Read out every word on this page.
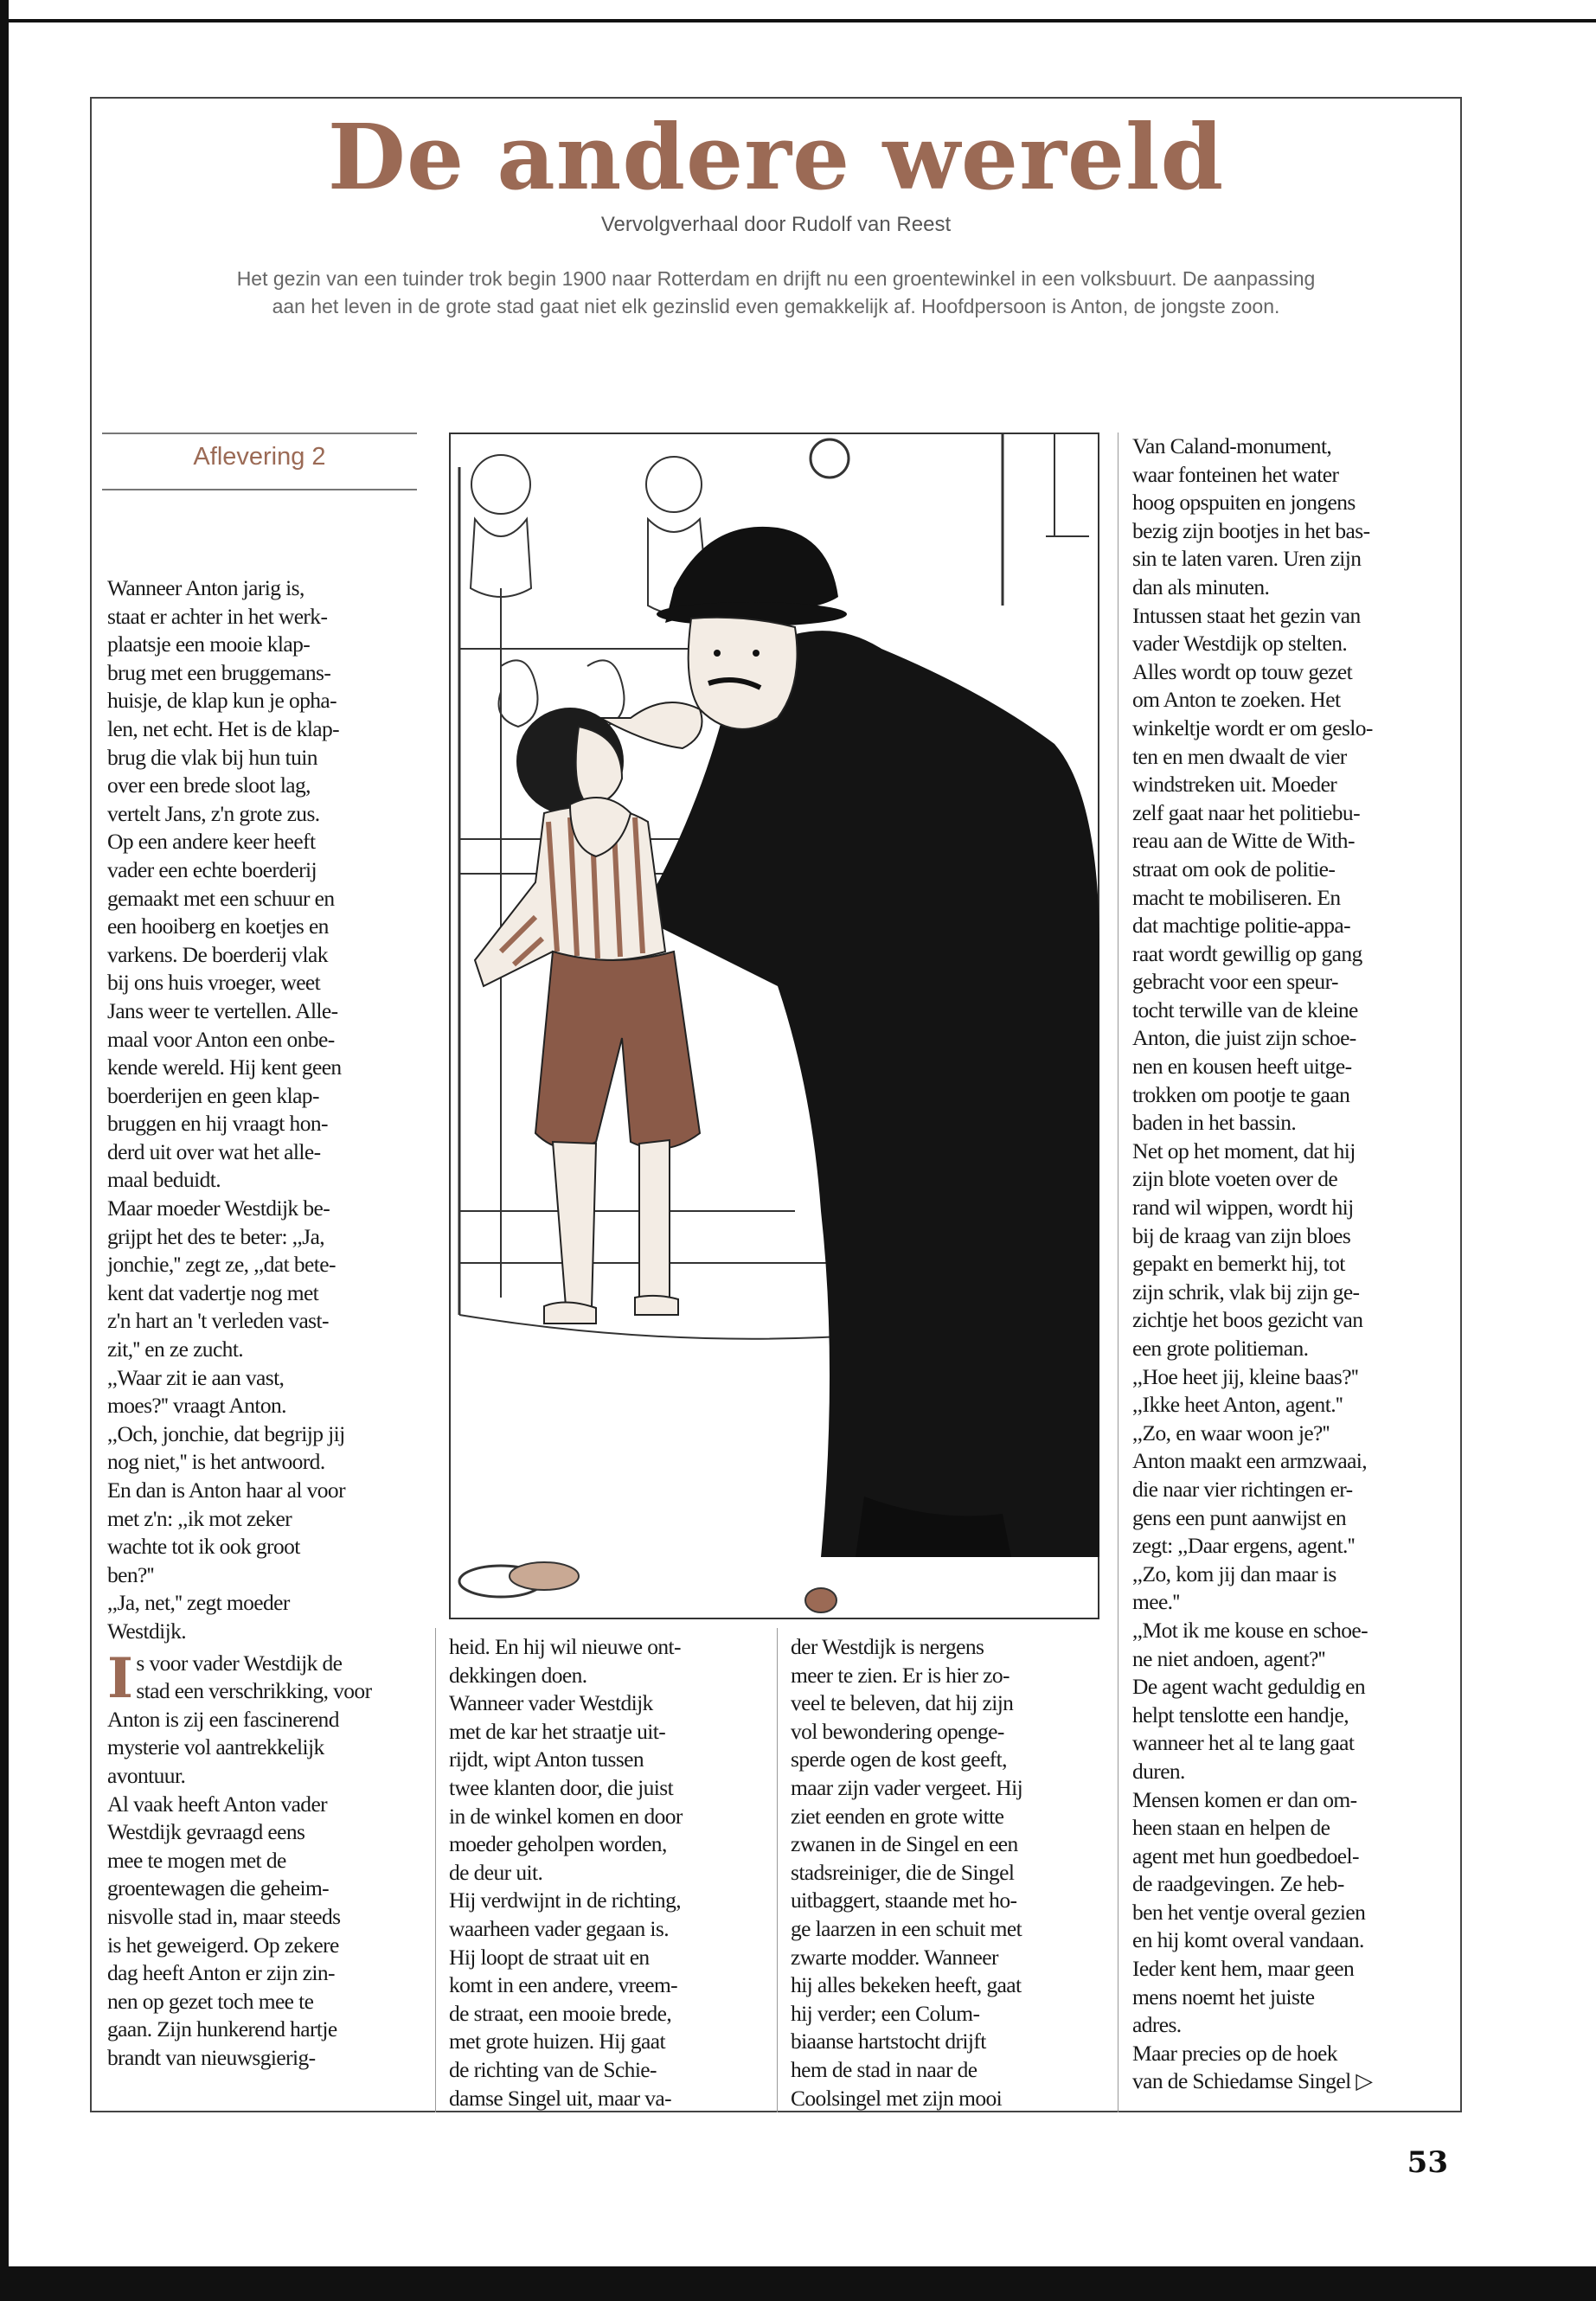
De andere wereld
Vervolgverhaal door Rudolf van Reest
Het gezin van een tuinder trok begin 1900 naar Rotterdam en drijft nu een groentewinkel in een volksbuurt. De aanpassing aan het leven in de grote stad gaat niet elk gezinslid even gemakkelijk af. Hoofdpersoon is Anton, de jongste zoon.
Aflevering 2

Wanneer Anton jarig is,
staat er achter in het werk-
plaatsje een mooie klap-
brug met een bruggemans-
huisje, de klap kun je opha-
len, net echt. Het is de klap-
brug die vlak bij hun tuin
over een brede sloot lag,
vertelt Jans, z'n grote zus.
Op een andere keer heeft
vader een echte boerderij
gemaakt met een schuur en
een hooiberg en koetjes en
varkens. De boerderij vlak
bij ons huis vroeger, weet
Jans weer te vertellen. Alle-
maal voor Anton een onbe-
kende wereld. Hij kent geen
boerderijen en geen klap-
bruggen en hij vraagt hon-
derd uit over wat het alle-
maal beduidt.
Maar moeder Westdijk be-
grijpt het des te beter: ,,Ja,
jonchie,'' zegt ze, ,,dat bete-
kent dat vadertje nog met
z'n hart an 't verleden vast-
zit,'' en ze zucht.
,,Waar zit ie aan vast,
moes?'' vraagt Anton.
,,Och, jonchie, dat begrijp jij
nog niet,'' is het antwoord.
En dan is Anton haar al voor
met z'n: ,,ik mot zeker
wachte tot ik ook groot
ben?''
,,Ja, net,'' zegt moeder
Westdijk.

Is voor vader Westdijk de
stad een verschrikking, voor
Anton is zij een fascinerend
mysterie vol aantrekkelijk
avontuur.
Al vaak heeft Anton vader
Westdijk gevraagd eens
mee te mogen met de
groentewagen die geheim-
nisvolle stad in, maar steeds
is het geweigerd. Op zekere
dag heeft Anton er zijn zin-
nen op gezet toch mee te
gaan. Zijn hunkerend hartje
brandt van nieuwsgierig-

heid. En hij wil nieuwe ont-
dekkingen doen.
Wanneer vader Westdijk
met de kar het straatje uit-
rijdt, wipt Anton tussen
twee klanten door, die juist
in de winkel komen en door
moeder geholpen worden,
de deur uit.
Hij verdwijnt in de richting,
waarheen vader gegaan is.
Hij loopt de straat uit en
komt in een andere, vreem-
de straat, een mooie brede,
met grote huizen. Hij gaat
de richting van de Schie-
damse Singel uit, maar va-

der Westdijk is nergens
meer te zien. Er is hier zo-
veel te beleven, dat hij zijn
vol bewondering openge-
sperde ogen de kost geeft,
maar zijn vader vergeet. Hij
ziet eenden en grote witte
zwanen in de Singel en een
stadsreiniger, die de Singel
uitbaggert, staande met ho-
ge laarzen in een schuit met
zwarte modder. Wanneer
hij alles bekeken heeft, gaat
hij verder; een Colum-
biaanse hartstocht drijft
hem de stad in naar de
Coolsingel met zijn mooi

Van Caland-monument,
waar fonteinen het water
hoog opspuiten en jongens
bezig zijn bootjes in het bas-
sin te laten varen. Uren zijn
dan als minuten.
Intussen staat het gezin van
vader Westdijk op stelten.
Alles wordt op touw gezet
om Anton te zoeken. Het
winkeltje wordt er om geslo-
ten en men dwaalt de vier
windstreken uit. Moeder
zelf gaat naar het politiebu-
reau aan de Witte de With-
straat om ook de politie-
macht te mobiliseren. En
dat machtige politie-appa-
raat wordt gewillig op gang
gebracht voor een speur-
tocht terwille van de kleine
Anton, die juist zijn schoe-
nen en kousen heeft uitge-
trokken om pootje te gaan
baden in het bassin.
Net op het moment, dat hij
zijn blote voeten over de
rand wil wippen, wordt hij
bij de kraag van zijn bloes
gepakt en bemerkt hij, tot
zijn schrik, vlak bij zijn ge-
zichtje het boos gezicht van
een grote politieman.
,,Hoe heet jij, kleine baas?''
,,Ikke heet Anton, agent.''
,,Zo, en waar woon je?''
Anton maakt een armzwaai,
die naar vier richtingen er-
gens een punt aanwijst en
zegt: ,,Daar ergens, agent.''
,,Zo, kom jij dan maar is
mee.''
,,Mot ik me kouse en schoe-
ne niet andoen, agent?''
De agent wacht geduldig en
helpt tenslotte een handje,
wanneer het al te lang gaat
duren.
Mensen komen er dan om-
heen staan en helpen de
agent met hun goedbedoel-
de raadgevingen. Ze heb-
ben het ventje overal gezien
en hij komt overal vandaan.
Ieder kent hem, maar geen
mens noemt het juiste
adres.
Maar precies op de hoek
van de Schiedamse Singel ▷

53
